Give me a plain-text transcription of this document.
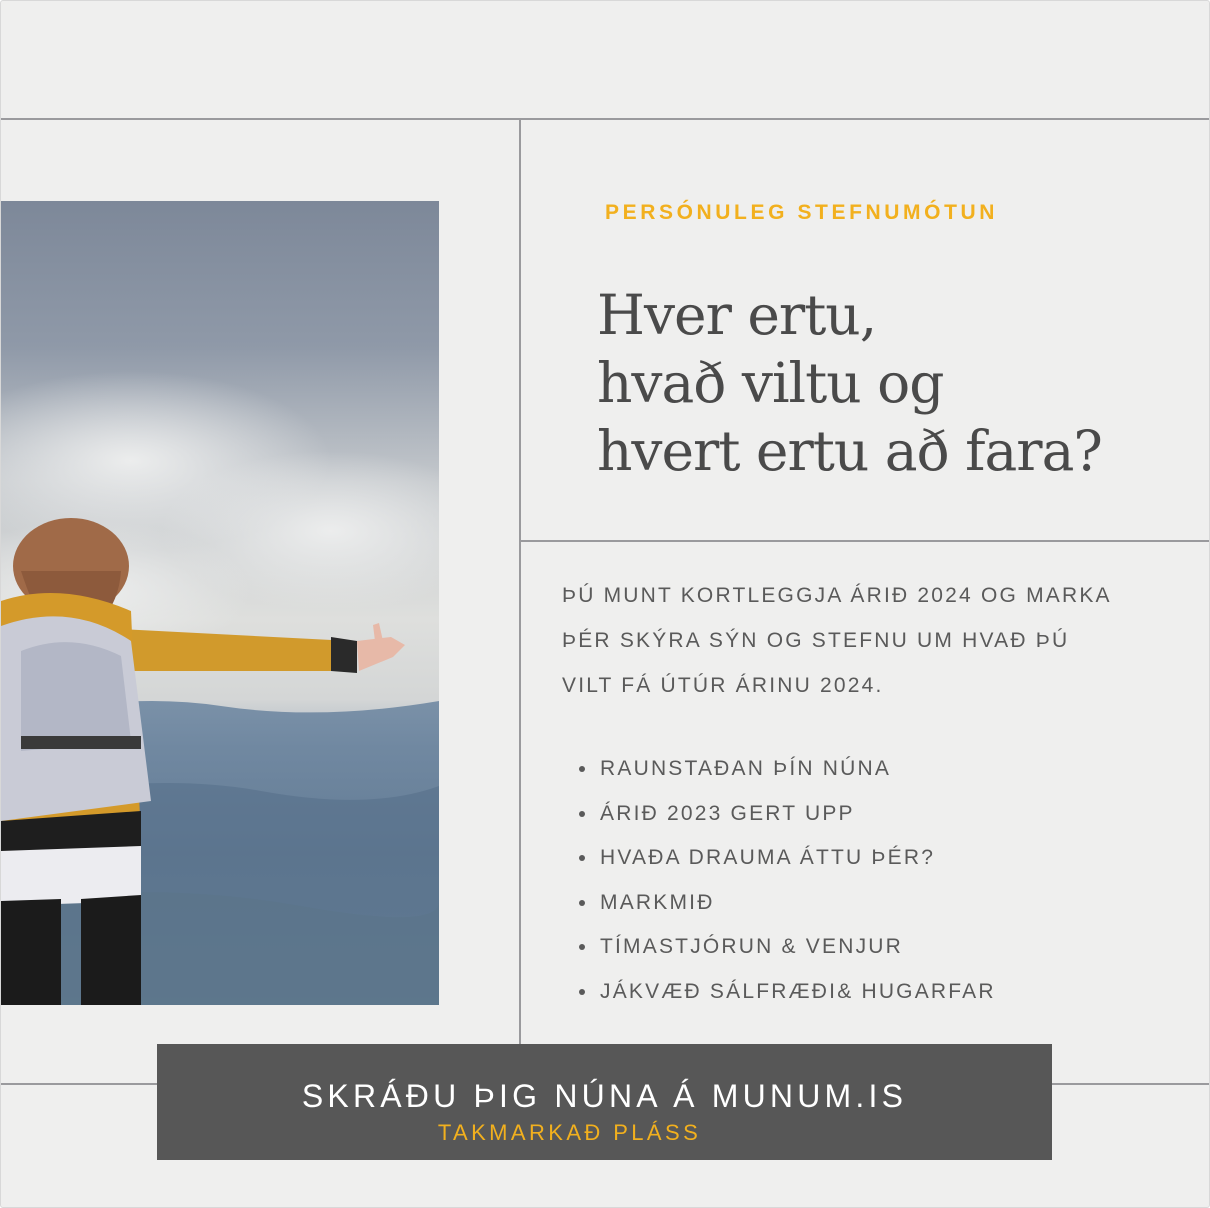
PERSÓNULEG STEFNUMÓTUN
Hver ertu,
hvað viltu og
hvert ertu að fara?
ÞÚ MUNT KORTLEGGJA ÁRIÐ 2024 OG MARKA
ÞÉR SKÝRA SÝN OG STEFNU UM HVAÐ ÞÚ
VILT FÁ ÚTÚR ÁRINU 2024.
RAUNSTAÐAN ÞÍN NÚNA
ÁRIÐ 2023 GERT UPP
HVAÐA DRAUMA ÁTTU ÞÉR?
MARKMIÐ
TÍMASTJÓRUN & VENJUR
JÁKVÆÐ SÁLFRÆÐI& HUGARFAR
SKRÁÐU ÞIG NÚNA Á MUNUM.IS
TAKMARKAÐ PLÁSS
